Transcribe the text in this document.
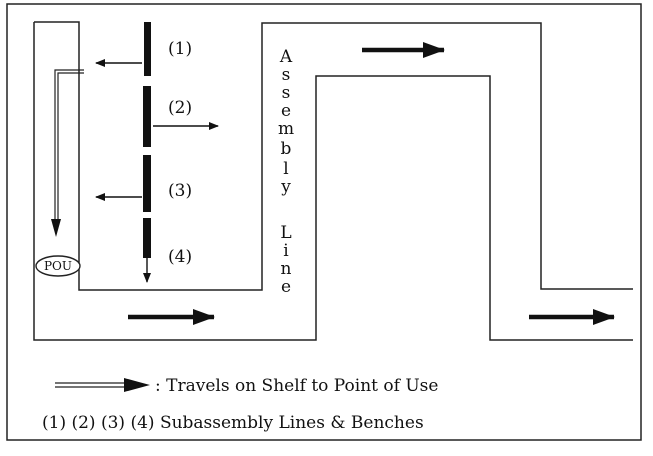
POU
(1)
(2)
(3)
(4)
A
s
s
e
m
b
l
y
L
i
n
e
: Travels on Shelf to Point of Use
(1) (2) (3) (4) Subassembly Lines & Benches
